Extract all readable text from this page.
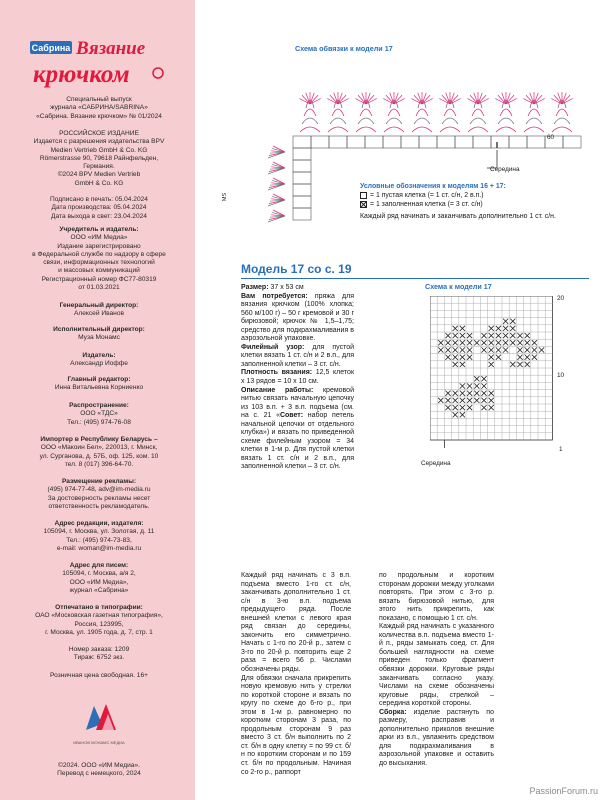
Сабрина Вязание
крючком
Специальный выпуск
журнала «САБРИНА/SABRINA»
«Сабрина. Вязание крючком» № 01/2024
РОССИЙСКОЕ ИЗДАНИЕ
Издается с разрешения издательства BPV
Medien Vertrieb GmbH & Co. KG
Römerstrasse 90, 79618 Райнфельден,
Германия.
©2024 BPV Medien Vertrieb
GmbH & Co. KG
Подписано в печать: 05.04.2024
Дата производства: 05.04.2024
Дата выхода в свет: 23.04.2024
Учредитель и издатель:
ООО «ИМ Медиа»
Издание зарегистрировано
в Федеральной службе по надзору в сфере
связи, информационных технологий
и массовых коммуникаций
Регистрационный номер ФС77-80319
от 01.03.2021
Генеральный директор:
Алексей Иванов
Исполнительный директор:
Муза Монамс
Издатель:
Александр Иоффе
Главный редактор:
Инна Витальевна Корниенко
Распространение:
ООО «ТДС»
Тел.: (495) 974-76-08
Импортер в Республику Беларусь –
ООО «Макоин Бел», 220013, г. Минск,
ул. Сурганова, д. 57Б, оф. 125, ком. 10
тел. 8 (017) 396-64-70.
Размещение рекламы:
(495) 974-77-48, adv@im-media.ru
За достоверность рекламы несет
ответственность рекламодатель.
Адрес редакции, издателя:
105094, г. Москва, ул. Золотая, д. 11
Тел.: (495) 974-73-83,
e-mail: woman@im-media.ru
Адрес для писем:
105094, г. Москва, а/я 2,
ООО «ИМ Медиа»,
журнал «Сабрина»
Отпечатано в типографии:
ОАО «Московская газетная типография»,
Россия, 123995,
г. Москва, ул. 1905 года, д. 7, стр. 1
Номер заказа: 1209
Тираж: 6752 экз.
Розничная цена свободная. 16+
ИВАНОВ МОНАМС МЕДИА
©2024. ООО «ИМ Медиа».
Перевод с немецкого, 2024
Схема обвязки к модели 17
60
Середина
MS
Условные обозначения к моделям 16 + 17:
= 1 пустая клетка (= 1 ст. с/н, 2 в.п.)
= 1 заполненная клетка (= 3 ст. с/н)
Каждый ряд начинать и заканчивать дополнительно 1 ст. с/н.
Модель 17 со с. 19
Схема к модели 17
20
10
1
Середина

Размер: 37 х 53 см

Вам потребуется: пряжа для вязания крючком (100% хлопка; 560 м/100 г) – 50 г кремовой и 30 г бирюзовой; крючок № 1,5–1,75; средство для подкрахмаливания в аэрозольной упаковке.

Филейный узор: для пустой клетки вязать 1 ст. с/н и 2 в.п., для заполненной клетки – 3 ст. с/н.

Плотность вязания: 12,5 клеток х 13 рядов = 10 х 10 см.

Описание работы: кремовой нитью связать начальную цепочку из 103 в.п. + 3 в.п. подъема (см. на с. 21 «Совет: набор петель начальной цепочки от отдельного клубка») и вязать по приведенной схеме филейным узором = 34 клетки в 1-м р. Для пустой клетки вязать 1 ст. с/н и 2 в.п., для заполненной клетки – 3 ст. с/н.

Каждый ряд начинать с 3 в.п. подъема вместо 1-го ст. с/н, заканчивать дополнительно 1 ст. с/н в 3-ю в.п. подъема предыдущего ряда. После внешней клетки с левого края ряд связан до середины, закончить его симметрично. Начать с 1-го по 20-й р., затем с 3-го по 20-й р. повторить еще 2 раза = всего 56 р. Числами обозначены ряды.

Для обвязки сначала прикрепить новую кремовую нить у стрелки по короткой стороне и вязать по кругу по схеме до 6-го р., при этом в 1-м р. равномерно по коротким сторонам 3 раза, по продольным сторонам 9 раз вместо 3 ст. б/н выполнить по 2 ст. б/н в одну клетку = по 99 ст. б/н по коротким сторонам и по 159 ст. б/н по продольным. Начиная со 2-го р., раппорт

по продольным и коротким сторонам дорожки между уголками повторять. При этом с 3-го р. вязать бирюзовой нитью, для этого нить прикрепить, как показано, с помощью 1 ст. с/н.

Каждый ряд начинать с указанного количества в.п. подъема вместо 1-й п., ряды замыкать соед. ст. Для большей наглядности на схеме приведен только фрагмент обвязки дорожки. Круговые ряды заканчивать согласно указу. Числами на схеме обозначены круговые ряды, стрелкой – середина короткой стороны.

Сборка: изделие растянуть по размеру, расправив и дополнительно приколов внешние арки из в.п., увлажнить средством для подкрахмаливания в аэрозольной упаковке и оставить до высыхания.

PassionForum.ru
